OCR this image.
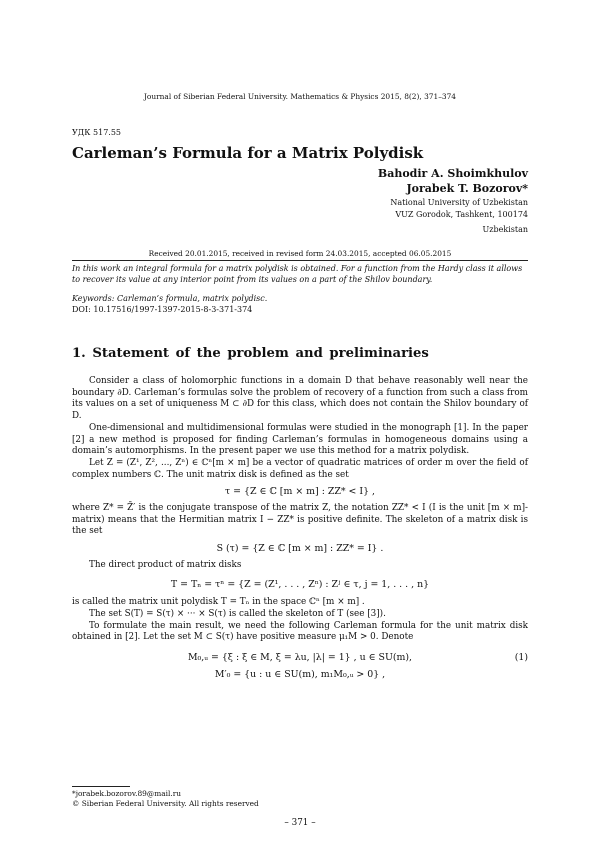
Journal of Siberian Federal University. Mathematics & Physics 2015, 8(2), 371–374
УДК 517.55
Carleman’s Formula for a Matrix Polydisk
Bahodir A. Shoimkhulov
Jorabek T. Bozorov*
National University of Uzbekistan
VUZ Gorodok, Tashkent, 100174
Uzbekistan
Received 20.01.2015, received in revised form 24.03.2015, accepted 06.05.2015
In this work an integral formula for a matrix polydisk is obtained. For a function from the Hardy class it allows to recover its value at any interior point from its values on a part of the Shilov boundary.
Keywords: Carleman’s formula, matrix polydisc.
DOI: 10.17516/1997-1397-2015-8-3-371-374
1. Statement of the problem and preliminaries

Consider a class of holomorphic functions in a domain D that behave reasonably well near the boundary ∂D. Carleman’s formulas solve the problem of recovery of a function from such a class from its values on a set of uniqueness M ⊂ ∂D for this class, which does not contain the Shilov boundary of D.

One-dimensional and multidimensional formulas were studied in the monograph [1]. In the paper [2] a new method is proposed for finding Carleman’s formulas in homogeneous domains using a domain’s automorphisms. In the present paper we use this method for a matrix polydisk.

Let Z = (Z¹, Z², ..., Zⁿ) ∈ ℂⁿ[m × m] be a vector of quadratic matrices of order m over the field of complex numbers ℂ. The unit matrix disk is defined as the set

τ = {Z ∈ ℂ [m × m] : ZZ* < I} ,

where Z* = Z̄′ is the conjugate transpose of the matrix Z, the notation ZZ* < I (I is the unit [m × m]-matrix) means that the Hermitian matrix I − ZZ* is positive definite. The skeleton of a matrix disk is the set

S (τ) = {Z ∈ ℂ [m × m] : ZZ* = I} .

The direct product of matrix disks

T = Tₙ = τⁿ = {Z = (Z¹, . . . , Zⁿ) : Zʲ ∈ τ, j = 1, . . . , n}

is called the matrix unit polydisk T = Tₙ in the space ℂⁿ [m × m] .

The set S(T) = S(τ) × ··· × S(τ) is called the skeleton of T (see [3]).

To formulate the main result, we need the following Carleman formula for the unit matrix disk obtained in [2]. Let the set M ⊂ S(τ) have positive measure μ₁M > 0. Denote

M₀,ᵤ = {ξ : ξ ∈ M, ξ = λu, |λ| = 1} , u ∈ SU(m),	(1)
M′₀ = {u : u ∈ SU(m), m₁M₀,ᵤ > 0} ,
*jorabek.bozorov.89@mail.ru
© Siberian Federal University. All rights reserved
– 371 –
